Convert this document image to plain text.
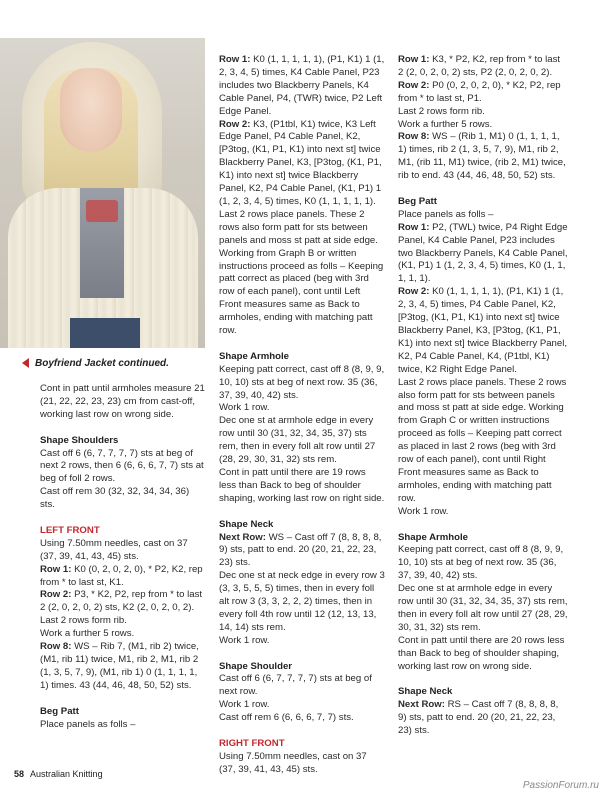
Boyfriend Jacket continued.

Cont in patt until armholes measure 21 (21, 22, 22, 23, 23) cm from cast-off, working last row on wrong side.

Shape Shoulders

Cast off 6 (6, 7, 7, 7, 7) sts at beg of next 2 rows, then 6 (6, 6, 6, 7, 7) sts at beg of foll 2 rows.

Cast off rem 30 (32, 32, 34, 34, 36) sts.

LEFT FRONT

Using 7.50mm needles, cast on 37 (37, 39, 41, 43, 45) sts.

Row 1: K0 (0, 2, 0, 2, 0), * P2, K2, rep from * to last st, K1.

Row 2: P3, * K2, P2, rep from * to last 2 (2, 0, 2, 0, 2) sts, K2 (2, 0, 2, 0, 2).

Last 2 rows form rib.

Work a further 5 rows.

Row 8: WS – Rib 7, (M1, rib 2) twice, (M1, rib 11) twice, M1, rib 2, M1, rib 2 (1, 3, 5, 7, 9), (M1, rib 1) 0 (1, 1, 1, 1, 1) times. 43 (44, 46, 48, 50, 52) sts.

Beg Patt

Place panels as folls –

Row 1: K0 (1, 1, 1, 1, 1), (P1, K1) 1 (1, 2, 3, 4, 5) times, K4 Cable Panel, P23 includes two Blackberry Panels, K4 Cable Panel, P4, (TWR) twice, P2 Left Edge Panel.

Row 2: K3, (P1tbl, K1) twice, K3 Left Edge Panel, P4 Cable Panel, K2, [P3tog, (K1, P1, K1) into next st] twice Blackberry Panel, K3, [P3tog, (K1, P1, K1) into next st] twice Blackberry Panel, K2, P4 Cable Panel, (K1, P1) 1 (1, 2, 3, 4, 5) times, K0 (1, 1, 1, 1, 1).

Last 2 rows place panels. These 2 rows also form patt for sts between panels and moss st patt at side edge. Working from Graph B or written instructions proceed as folls – Keeping patt correct as placed (beg with 3rd row of each panel), cont until Left Front measures same as Back to armholes, ending with matching patt row.

Shape Armhole

Keeping patt correct, cast off 8 (8, 9, 9, 10, 10) sts at beg of next row. 35 (36, 37, 39, 40, 42) sts.

Work 1 row.

Dec one st at armhole edge in every row until 30 (31, 32, 34, 35, 37) sts rem, then in every foll alt row until 27 (28, 29, 30, 31, 32) sts rem.

Cont in patt until there are 19 rows less than Back to beg of shoulder shaping, working last row on right side.

Shape Neck

Next Row: WS – Cast off 7 (8, 8, 8, 8, 9) sts, patt to end. 20 (20, 21, 22, 23, 23) sts.

Dec one st at neck edge in every row 3 (3, 3, 5, 5, 5) times, then in every foll alt row 3 (3, 3, 2, 2, 2) times, then in every foll 4th row until 12 (12, 13, 13, 14, 14) sts rem.

Work 1 row.

Shape Shoulder

Cast off 6 (6, 7, 7, 7, 7) sts at beg of next row.

Work 1 row.

Cast off rem 6 (6, 6, 6, 7, 7) sts.

RIGHT FRONT

Using 7.50mm needles, cast on 37 (37, 39, 41, 43, 45) sts.

Row 1: K3, * P2, K2, rep from * to last 2 (2, 0, 2, 0, 2) sts, P2 (2, 0, 2, 0, 2).

Row 2: P0 (0, 2, 0, 2, 0), * K2, P2, rep from * to last st, P1.

Last 2 rows form rib.

Work a further 5 rows.

Row 8: WS – (Rib 1, M1) 0 (1, 1, 1, 1, 1) times, rib 2 (1, 3, 5, 7, 9), M1, rib 2, M1, (rib 11, M1) twice, (rib 2, M1) twice, rib to end. 43 (44, 46, 48, 50, 52) sts.

Beg Patt

Place panels as folls –

Row 1: P2, (TWL) twice, P4 Right Edge Panel, K4 Cable Panel, P23 includes two Blackberry Panels, K4 Cable Panel, (K1, P1) 1 (1, 2, 3, 4, 5) times, K0 (1, 1, 1, 1, 1).

Row 2: K0 (1, 1, 1, 1, 1), (P1, K1) 1 (1, 2, 3, 4, 5) times, P4 Cable Panel, K2, [P3tog, (K1, P1, K1) into next st] twice Blackberry Panel, K3, [P3tog, (K1, P1, K1) into next st] twice Blackberry Panel, K2, P4 Cable Panel, K4, (P1tbl, K1) twice, K2 Right Edge Panel.

Last 2 rows place panels. These 2 rows also form patt for sts between panels and moss st patt at side edge. Working from Graph C or written instructions proceed as folls – Keeping patt correct as placed in last 2 rows (beg with 3rd row of each panel), cont until Right Front measures same as Back to armholes, ending with matching patt row.

Work 1 row.

Shape Armhole

Keeping patt correct, cast off 8 (8, 9, 9, 10, 10) sts at beg of next row. 35 (36, 37, 39, 40, 42) sts.

Dec one st at armhole edge in every row until 30 (31, 32, 34, 35, 37) sts rem, then in every foll alt row until 27 (28, 29, 30, 31, 32) sts rem.

Cont in patt until there are 20 rows less than Back to beg of shoulder shaping, working last row on wrong side.

Shape Neck

Next Row: RS – Cast off 7 (8, 8, 8, 8, 9) sts, patt to end. 20 (20, 21, 22, 23, 23) sts.

58 Australian Knitting
PassionForum.ru
